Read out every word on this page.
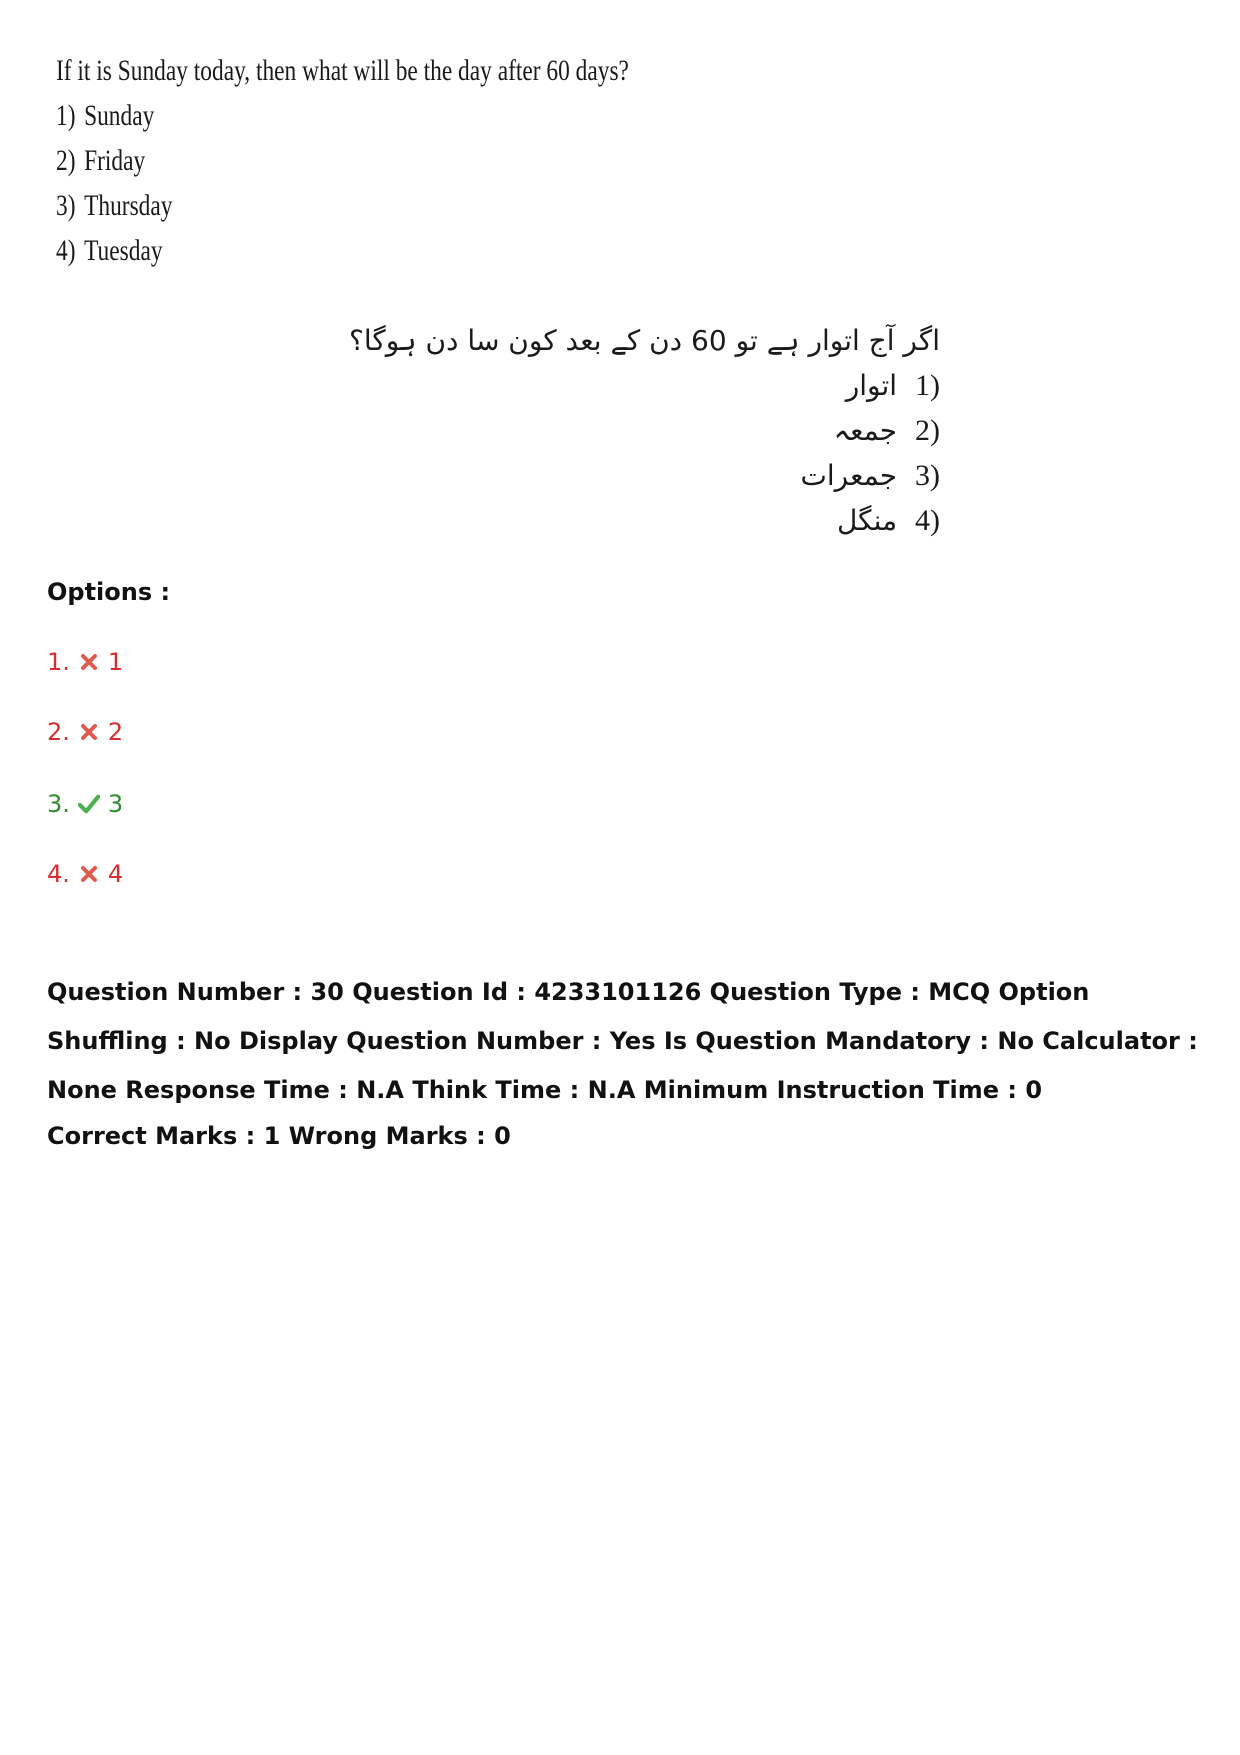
If it is Sunday today, then what will be the day after 60 days?

1) Sunday

2) Friday

3) Thursday

4) Tuesday

اگر آج اتوار ہے تو 60 دن کے بعد کون سا دن ہوگا؟

(1 اتوار

(2 جمعہ

(3 جمعرات

(4 منگل

Options :
1. 1
2. 2
3. 3
4. 4
Question Number : 30 Question Id : 4233101126 Question Type : MCQ Option Shuffling : No Display Question Number : Yes Is Question Mandatory : No Calculator : None Response Time : N.A Think Time : N.A Minimum Instruction Time : 0
Correct Marks : 1 Wrong Marks : 0
